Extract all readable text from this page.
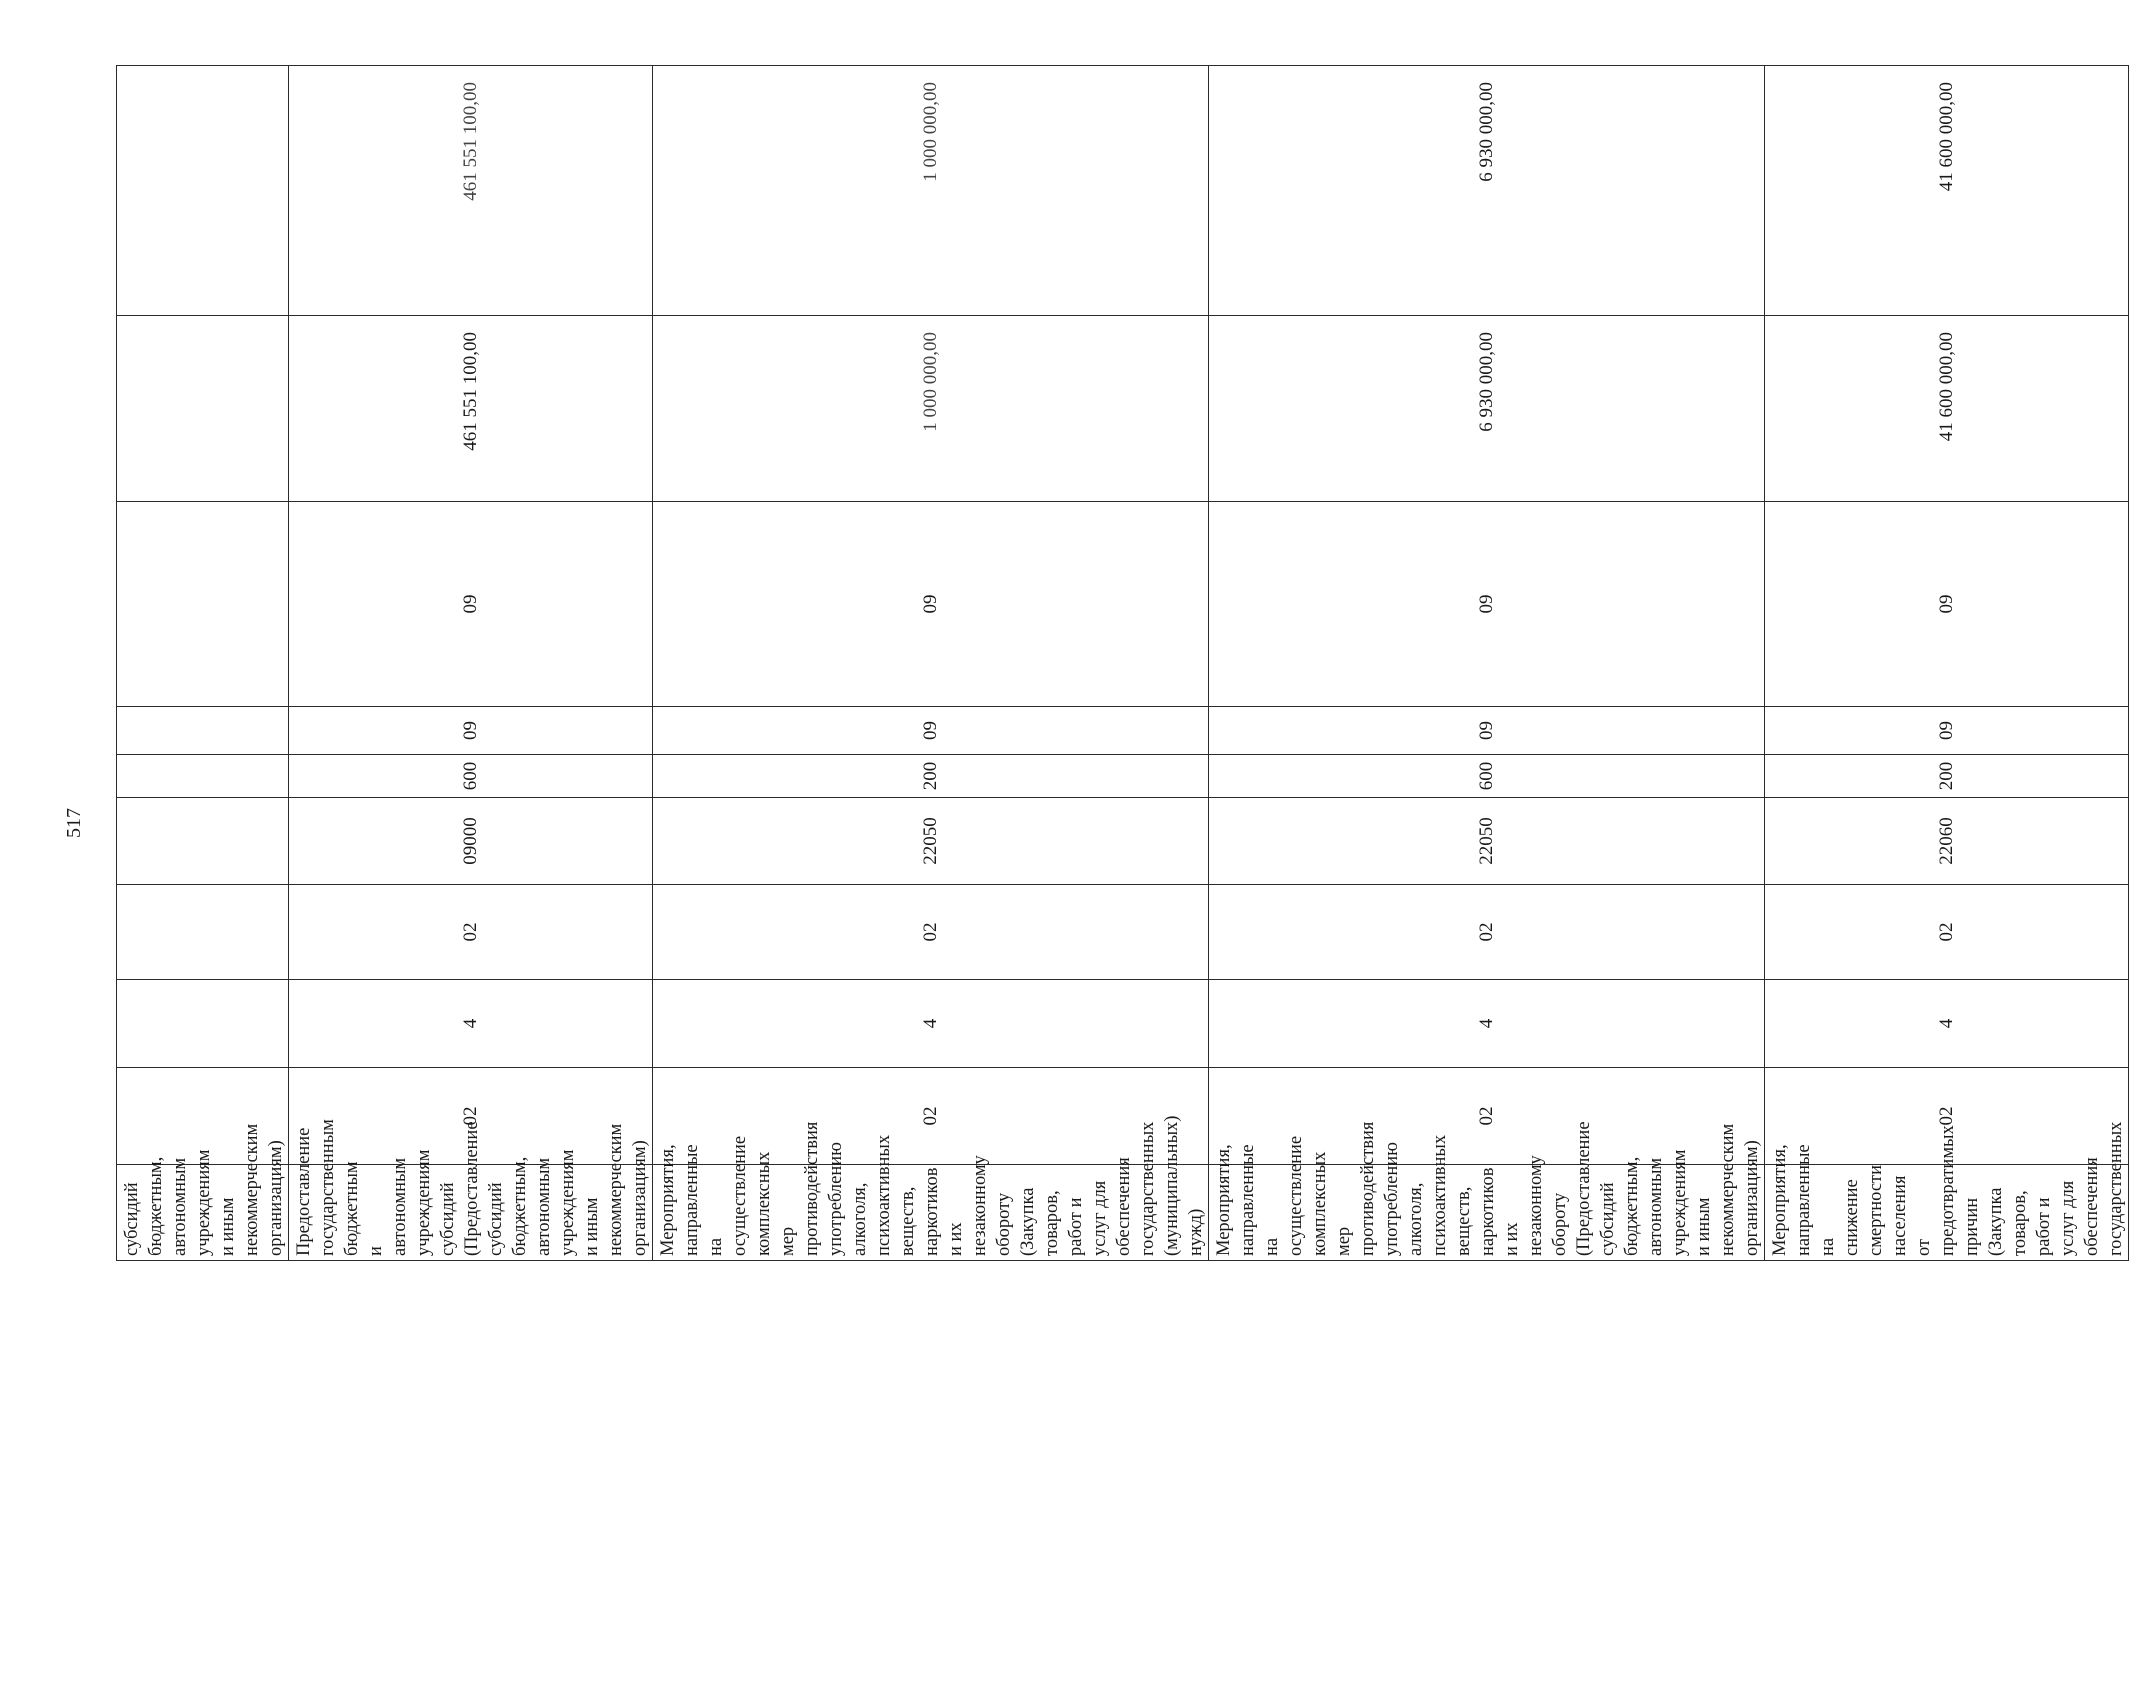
517
субсидий бюджетным, автономным учреждениям и иным некоммерческим организациям)										
Предоставление государственным бюджетным и автономным учреждениям субсидий (Предоставление субсидий бюджетным, автономным учреждениям и иным некоммерческим организациям)	02	4	02	09000	600	09	09	461 551 100,00	461 551 100,00	
Мероприятия, направленные на осуществление комплексных мер противодействия употреблению алкоголя, психоактивных веществ, наркотиков и их незаконному обороту (Закупка товаров, работ и услуг для обеспечения государственных (муниципальных) нужд)	02	4	02	22050	200	09	09	1 000 000,00	1 000 000,00	
Мероприятия, направленные на осуществление комплексных мер противодействия употреблению алкоголя, психоактивных веществ, наркотиков и их незаконному обороту (Предоставление субсидий бюджетным, автономным учреждениям и иным некоммерческим организациям)	02	4	02	22050	600	09	09	6 930 000,00	6 930 000,00	
Мероприятия, направленные на снижение смертности населения от предотвратимых причин (Закупка товаров, работ и услуг для обеспечения государственных	02	4	02	22060	200	09	09	41 600 000,00	41 600 000,00	
